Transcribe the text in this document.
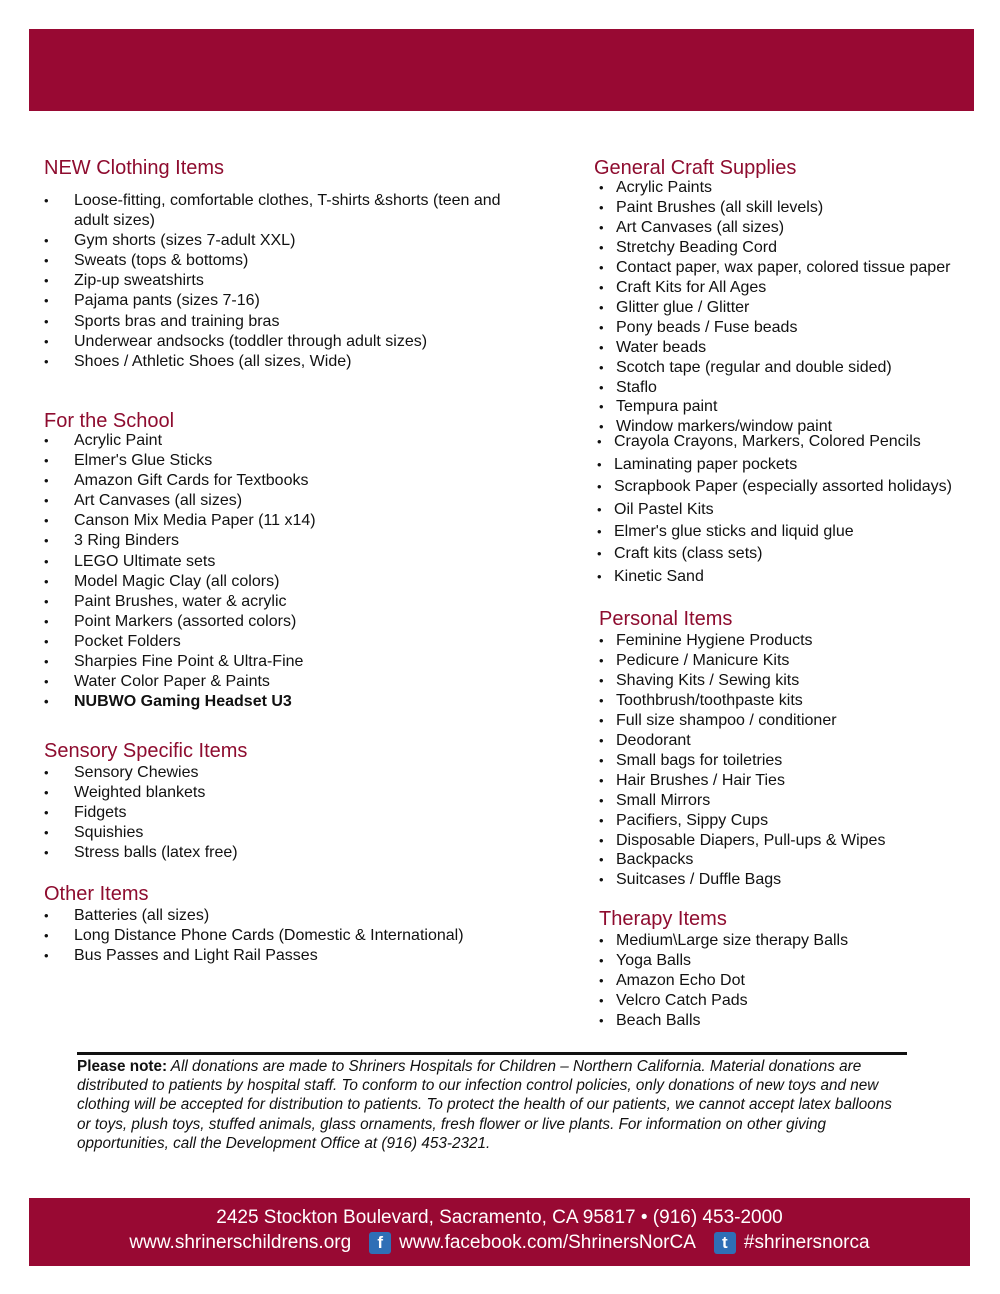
NEW Clothing Items
• Loose-fitting, comfortable clothes, T-shirts &shorts (teen and
adult sizes)
• Gym shorts (sizes 7-adult XXL)
• Sweats (tops & bottoms)
• Zip-up sweatshirts
• Pajama pants (sizes 7-16)
• Sports bras and training bras
• Underwear andsocks (toddler through adult sizes)
• Shoes / Athletic Shoes (all sizes, Wide)
For the School
• Acrylic Paint
• Elmer's Glue Sticks
• Amazon Gift Cards for Textbooks
• Art Canvases (all sizes)
• Canson Mix Media Paper (11 x14)
• 3 Ring Binders
• LEGO Ultimate sets
• Model Magic Clay (all colors)
• Paint Brushes, water & acrylic
• Point Markers (assorted colors)
• Pocket Folders
• Sharpies Fine Point & Ultra-Fine
• Water Color Paper & Paints
• NUBWO Gaming Headset U3
Sensory Specific Items
• Sensory Chewies
• Weighted blankets
• Fidgets
• Squishies
• Stress balls (latex free)
Other Items
• Batteries (all sizes)
• Long Distance Phone Cards (Domestic & International)
• Bus Passes and Light Rail Passes
General Craft Supplies
• Acrylic Paints
• Paint Brushes (all skill levels)
• Art Canvases (all sizes)
• Stretchy Beading Cord
• Contact paper, wax paper, colored tissue paper
• Craft Kits for All Ages
• Glitter glue / Glitter
• Pony beads / Fuse beads
• Water beads
• Scotch tape (regular and double sided)
• Staflo
• Tempura paint
• Window markers/window paint
• Crayola Crayons, Markers, Colored Pencils
• Laminating paper pockets
• Scrapbook Paper (especially assorted holidays)
• Oil Pastel Kits
• Elmer's glue sticks and liquid glue
• Craft kits (class sets)
• Kinetic Sand
Personal Items
• Feminine Hygiene Products
• Pedicure / Manicure Kits
• Shaving Kits / Sewing kits
• Toothbrush/toothpaste kits
• Full size shampoo / conditioner
• Deodorant
• Small bags for toiletries
• Hair Brushes / Hair Ties
• Small Mirrors
• Pacifiers, Sippy Cups
• Disposable Diapers, Pull-ups & Wipes
• Backpacks
• Suitcases / Duffle Bags
Therapy Items
• Medium\Large size therapy Balls
• Yoga Balls
• Amazon Echo Dot
• Velcro Catch Pads
• Beach Balls
Please note: All donations are made to Shriners Hospitals for Children – Northern California. Material donations are distributed to patients by hospital staff. To conform to our infection control policies, only donations of new toys and new clothing will be accepted for distribution to patients. To protect the health of our patients, we cannot accept latex balloons or toys, plush toys, stuffed animals, glass ornaments, fresh flower or live plants. For information on other giving opportunities, call the Development Office at (916) 453-2321.
2425 Stockton Boulevard, Sacramento, CA 95817 • (916) 453-2000
www.shrinerschildrens.org	f www.facebook.com/ShrinersNorCA	t #shrinersnorca
